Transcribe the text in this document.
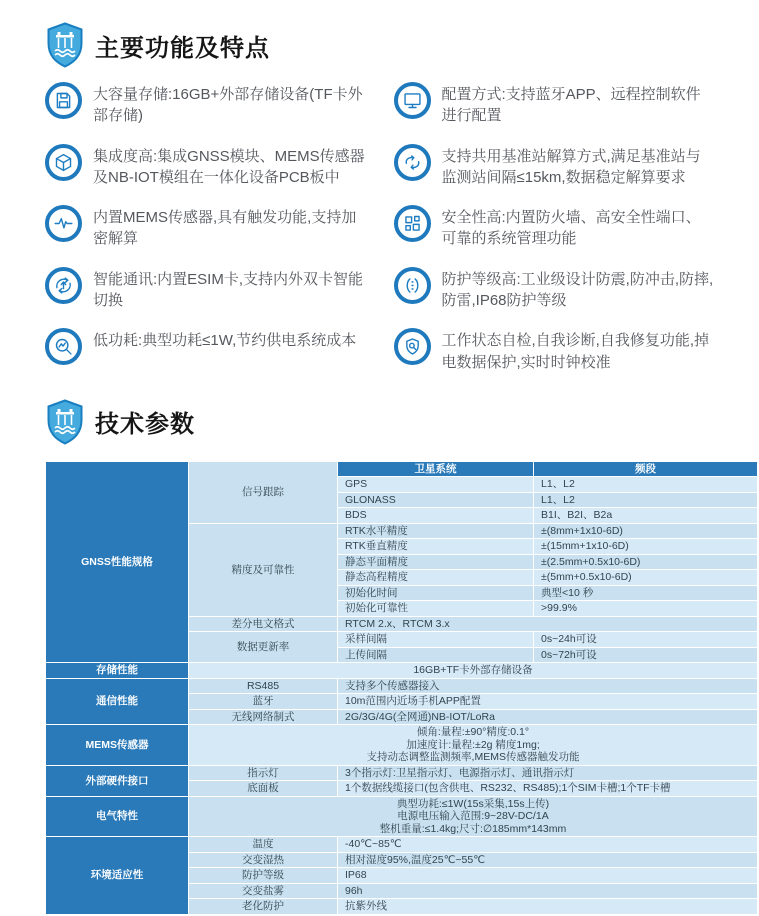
主要功能及特点
大容量存储:16GB+外部存储设备(TF卡外部存储)
集成度高:集成GNSS模块、MEMS传感器及NB-IOT模组在一体化设备PCB板中
内置MEMS传感器,具有触发功能,支持加密解算
智能通讯:内置ESIM卡,支持内外双卡智能切换
低功耗:典型功耗≤1W,节约供电系统成本
配置方式:支持蓝牙APP、远程控制软件进行配置
支持共用基准站解算方式,满足基准站与监测站间隔≤15km,数据稳定解算要求
安全性高:内置防火墙、高安全性端口、可靠的系统管理功能
防护等级高:工业级设计防震,防冲击,防摔,防雷,IP68防护等级
工作状态自检,自我诊断,自我修复功能,掉电数据保护,实时时钟校准
技术参数
GNSS性能规格	信号跟踪	卫星系统	频段
		GPS	L1、L2
		GLONASS	L1、L2
		BDS	B1I、B2I、B2a
	精度及可靠性	RTK水平精度	±(8mm+1x10-6D)
		RTK垂直精度	±(15mm+1x10-6D)
		静态平面精度	±(2.5mm+0.5x10-6D)
		静态高程精度	±(5mm+0.5x10-6D)
		初始化时间	典型<10 秒
		初始化可靠性	>99.9%
	差分电文格式	RTCM 2.x、RTCM 3.x	
	数据更新率	采样间隔	0s~24h可设
		上传间隔	0s~72h可设
存储性能	16GB+TF卡外部存储设备		
通信性能	RS485	支持多个传感器接入	
	蓝牙	10m范围内近场手机APP配置	
	无线网络制式	2G/3G/4G(全网通)NB-IOT/LoRa	
MEMS传感器	倾角:量程:±90°精度:0.1°
加速度计:量程:±2g 精度1mg;
支持动态调整监测频率,MEMS传感器触发功能		

外部硬件接口	指示灯	3个指示灯:卫星指示灯、电源指示灯、通讯指示灯	
	底面板	1个数据线缆接口(包含供电、RS232、RS485);1个SIM卡槽;1个TF卡槽	
电气特性	典型功耗:≤1W(15s采集,15s上传)
电源电压输入范围:9~28V-DC/1A
整机重量:≤1.4kg;尺寸:∅185mm*143mm		

环境适应性	温度	-40℃~85℃	
	交变湿热	相对湿度95%,温度25℃~55℃	
	防护等级	IP68	
	交变盐雾	96h	
	老化防护	抗紫外线	
